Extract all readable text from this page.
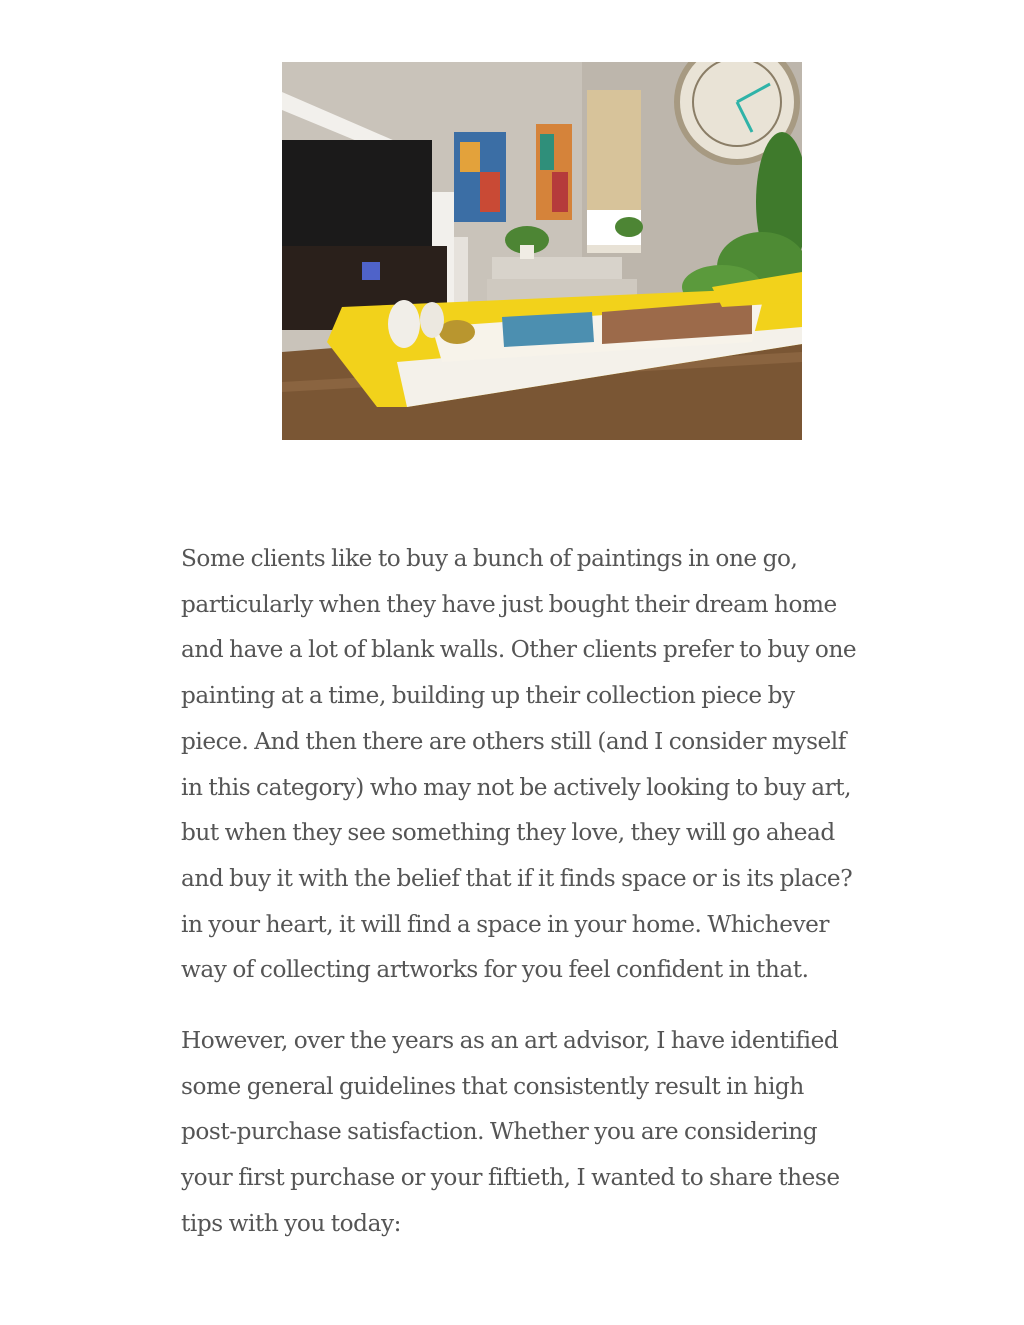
Some clients like to buy a bunch of paintings in one go,
particularly when they have just bought their dream home
and have a lot of blank walls. Other clients prefer to buy one
painting at a time, building up their collection piece by
piece. And then there are others still (and I consider myself
in this category) who may not be actively looking to buy art,
but when they see something they love, they will go ahead
and buy it with the belief that if it finds space or is its place?
in your heart, it will find a space in your home. Whichever
way of collecting artworks for you feel confident in that.

However, over the years as an art advisor, I have identified
some general guidelines that consistently result in high
post-purchase satisfaction. Whether you are considering
your first purchase or your fiftieth, I wanted to share these
tips with you today:
